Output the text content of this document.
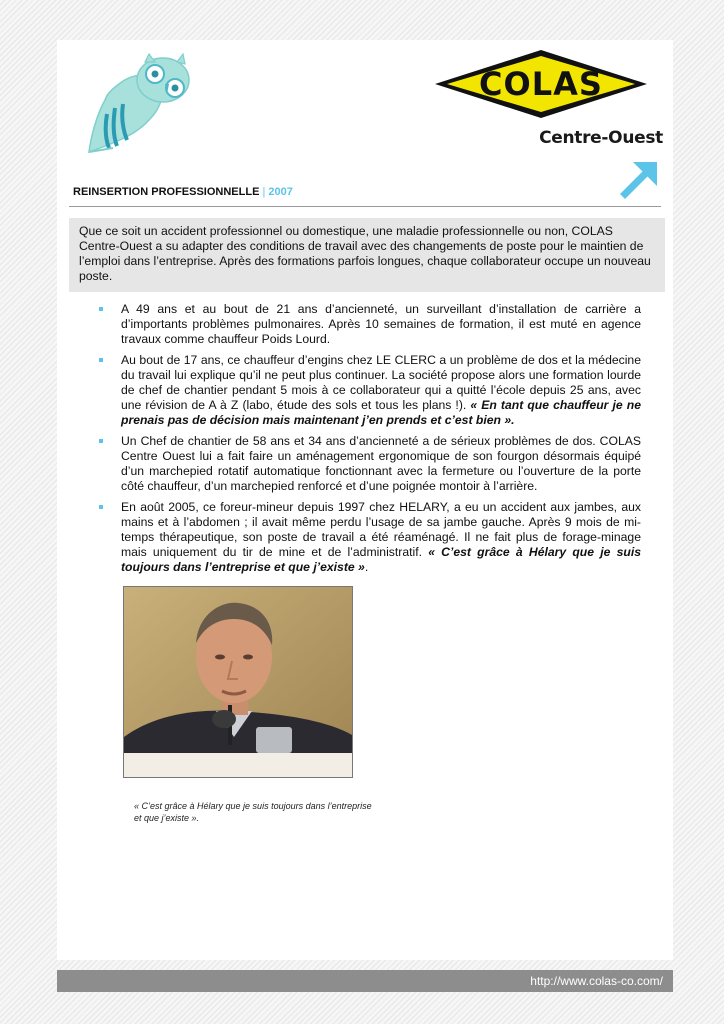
COLAS
Centre-Ouest
REINSERTION PROFESSIONNELLE | 2007
Que ce soit un accident professionnel ou domestique, une maladie professionnelle ou non, COLAS Centre-Ouest a su adapter des conditions de travail avec des changements de poste pour le maintien de l’emploi dans l’entreprise. Après des formations parfois longues, chaque collaborateur occupe un nouveau poste.
A 49 ans et au bout de 21 ans d’ancienneté, un surveillant d’installation de carrière a d’importants problèmes pulmonaires. Après 10 semaines de formation, il est muté en agence travaux comme chauffeur Poids Lourd.
Au bout de 17 ans, ce chauffeur d’engins chez LE CLERC a un problème de dos et la médecine du travail lui explique qu’il ne peut plus continuer. La société propose alors une formation lourde de chef de chantier pendant 5 mois à ce collaborateur qui a quitté l’école depuis 25 ans, avec une révision de A à Z (labo, étude des sols et tous les plans !). « En tant que chauffeur je ne prenais pas de décision mais maintenant j’en prends et c’est bien ».
Un Chef de chantier de 58 ans et 34 ans d’ancienneté a de sérieux problèmes de dos. COLAS Centre Ouest lui a fait faire un aménagement ergonomique de son fourgon désormais équipé d’un marchepied rotatif automatique fonctionnant avec la fermeture ou l’ouverture de la porte côté chauffeur, d’un marchepied renforcé et d’une poignée montoir à l’arrière.
En août 2005, ce foreur-mineur depuis 1997 chez HELARY, a eu un accident aux jambes, aux mains et à l’abdomen ; il avait même perdu l’usage de sa jambe gauche. Après 9 mois de mi-temps thérapeutique, son poste de travail a été réaménagé. Il ne fait plus de forage-minage mais uniquement du tir de mine et de l’administratif. « C’est grâce à Hélary que je suis toujours dans l’entreprise et que j’existe ».
« C’est grâce à Hélary que je suis toujours dans l’entreprise et que j’existe ».
http://www.colas-co.com/
